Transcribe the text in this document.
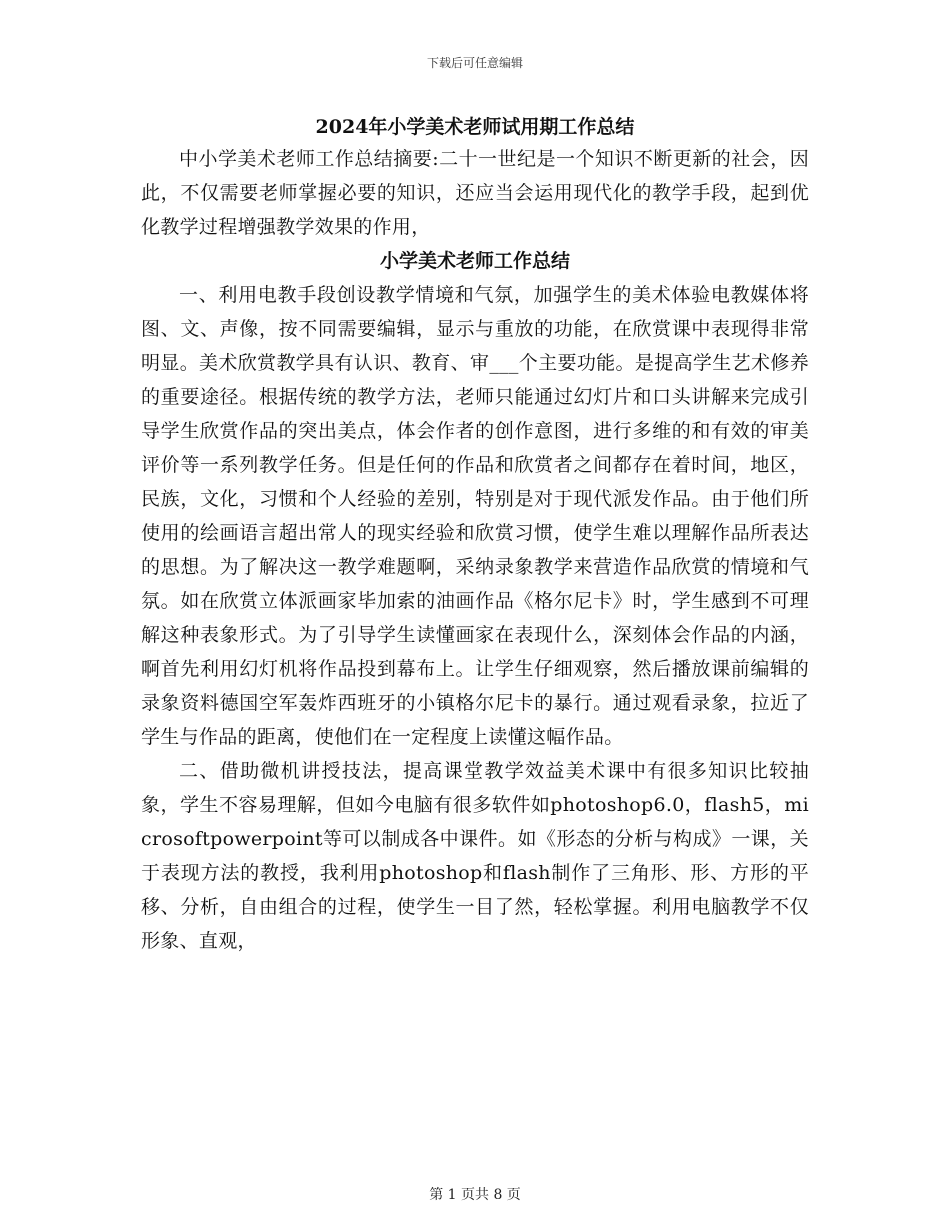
下载后可任意编辑
2024年小学美术老师试用期工作总结

中小学美术老师工作总结摘要:二十一世纪是一个知识不断更新的社会，因此，不仅需要老师掌握必要的知识，还应当会运用现代化的教学手段，起到优化教学过程增强教学效果的作用，

小学美术老师工作总结

一、利用电教手段创设教学情境和气氛，加强学生的美术体验电教媒体将图、文、声像，按不同需要编辑，显示与重放的功能，在欣赏课中表现得非常明显。美术欣赏教学具有认识、教育、审___个主要功能。是提高学生艺术修养的重要途径。根据传统的教学方法，老师只能通过幻灯片和口头讲解来完成引导学生欣赏作品的突出美点，体会作者的创作意图，进行多维的和有效的审美评价等一系列教学任务。但是任何的作品和欣赏者之间都存在着时间，地区，民族，文化，习惯和个人经验的差别，特别是对于现代派发作品。由于他们所使用的绘画语言超出常人的现实经验和欣赏习惯，使学生难以理解作品所表达的思想。为了解决这一教学难题啊，采纳录象教学来营造作品欣赏的情境和气氛。如在欣赏立体派画家毕加索的油画作品《格尔尼卡》时，学生感到不可理解这种表象形式。为了引导学生读懂画家在表现什么，深刻体会作品的内涵，啊首先利用幻灯机将作品投到幕布上。让学生仔细观察，然后播放课前编辑的录象资料德国空军轰炸西班牙的小镇格尔尼卡的暴行。通过观看录象，拉近了学生与作品的距离，使他们在一定程度上读懂这幅作品。

二、借助微机讲授技法，提高课堂教学效益美术课中有很多知识比较抽象，学生不容易理解，但如今电脑有很多软件如photoshop6.0，flash5，microsoftpowerpoint等可以制成各中课件。如《形态的分析与构成》一课，关于表现方法的教授，我利用photoshop和flash制作了三角形、形、方形的平移、分析，自由组合的过程，使学生一目了然，轻松掌握。利用电脑教学不仅形象、直观，

第 1 页共 8 页
